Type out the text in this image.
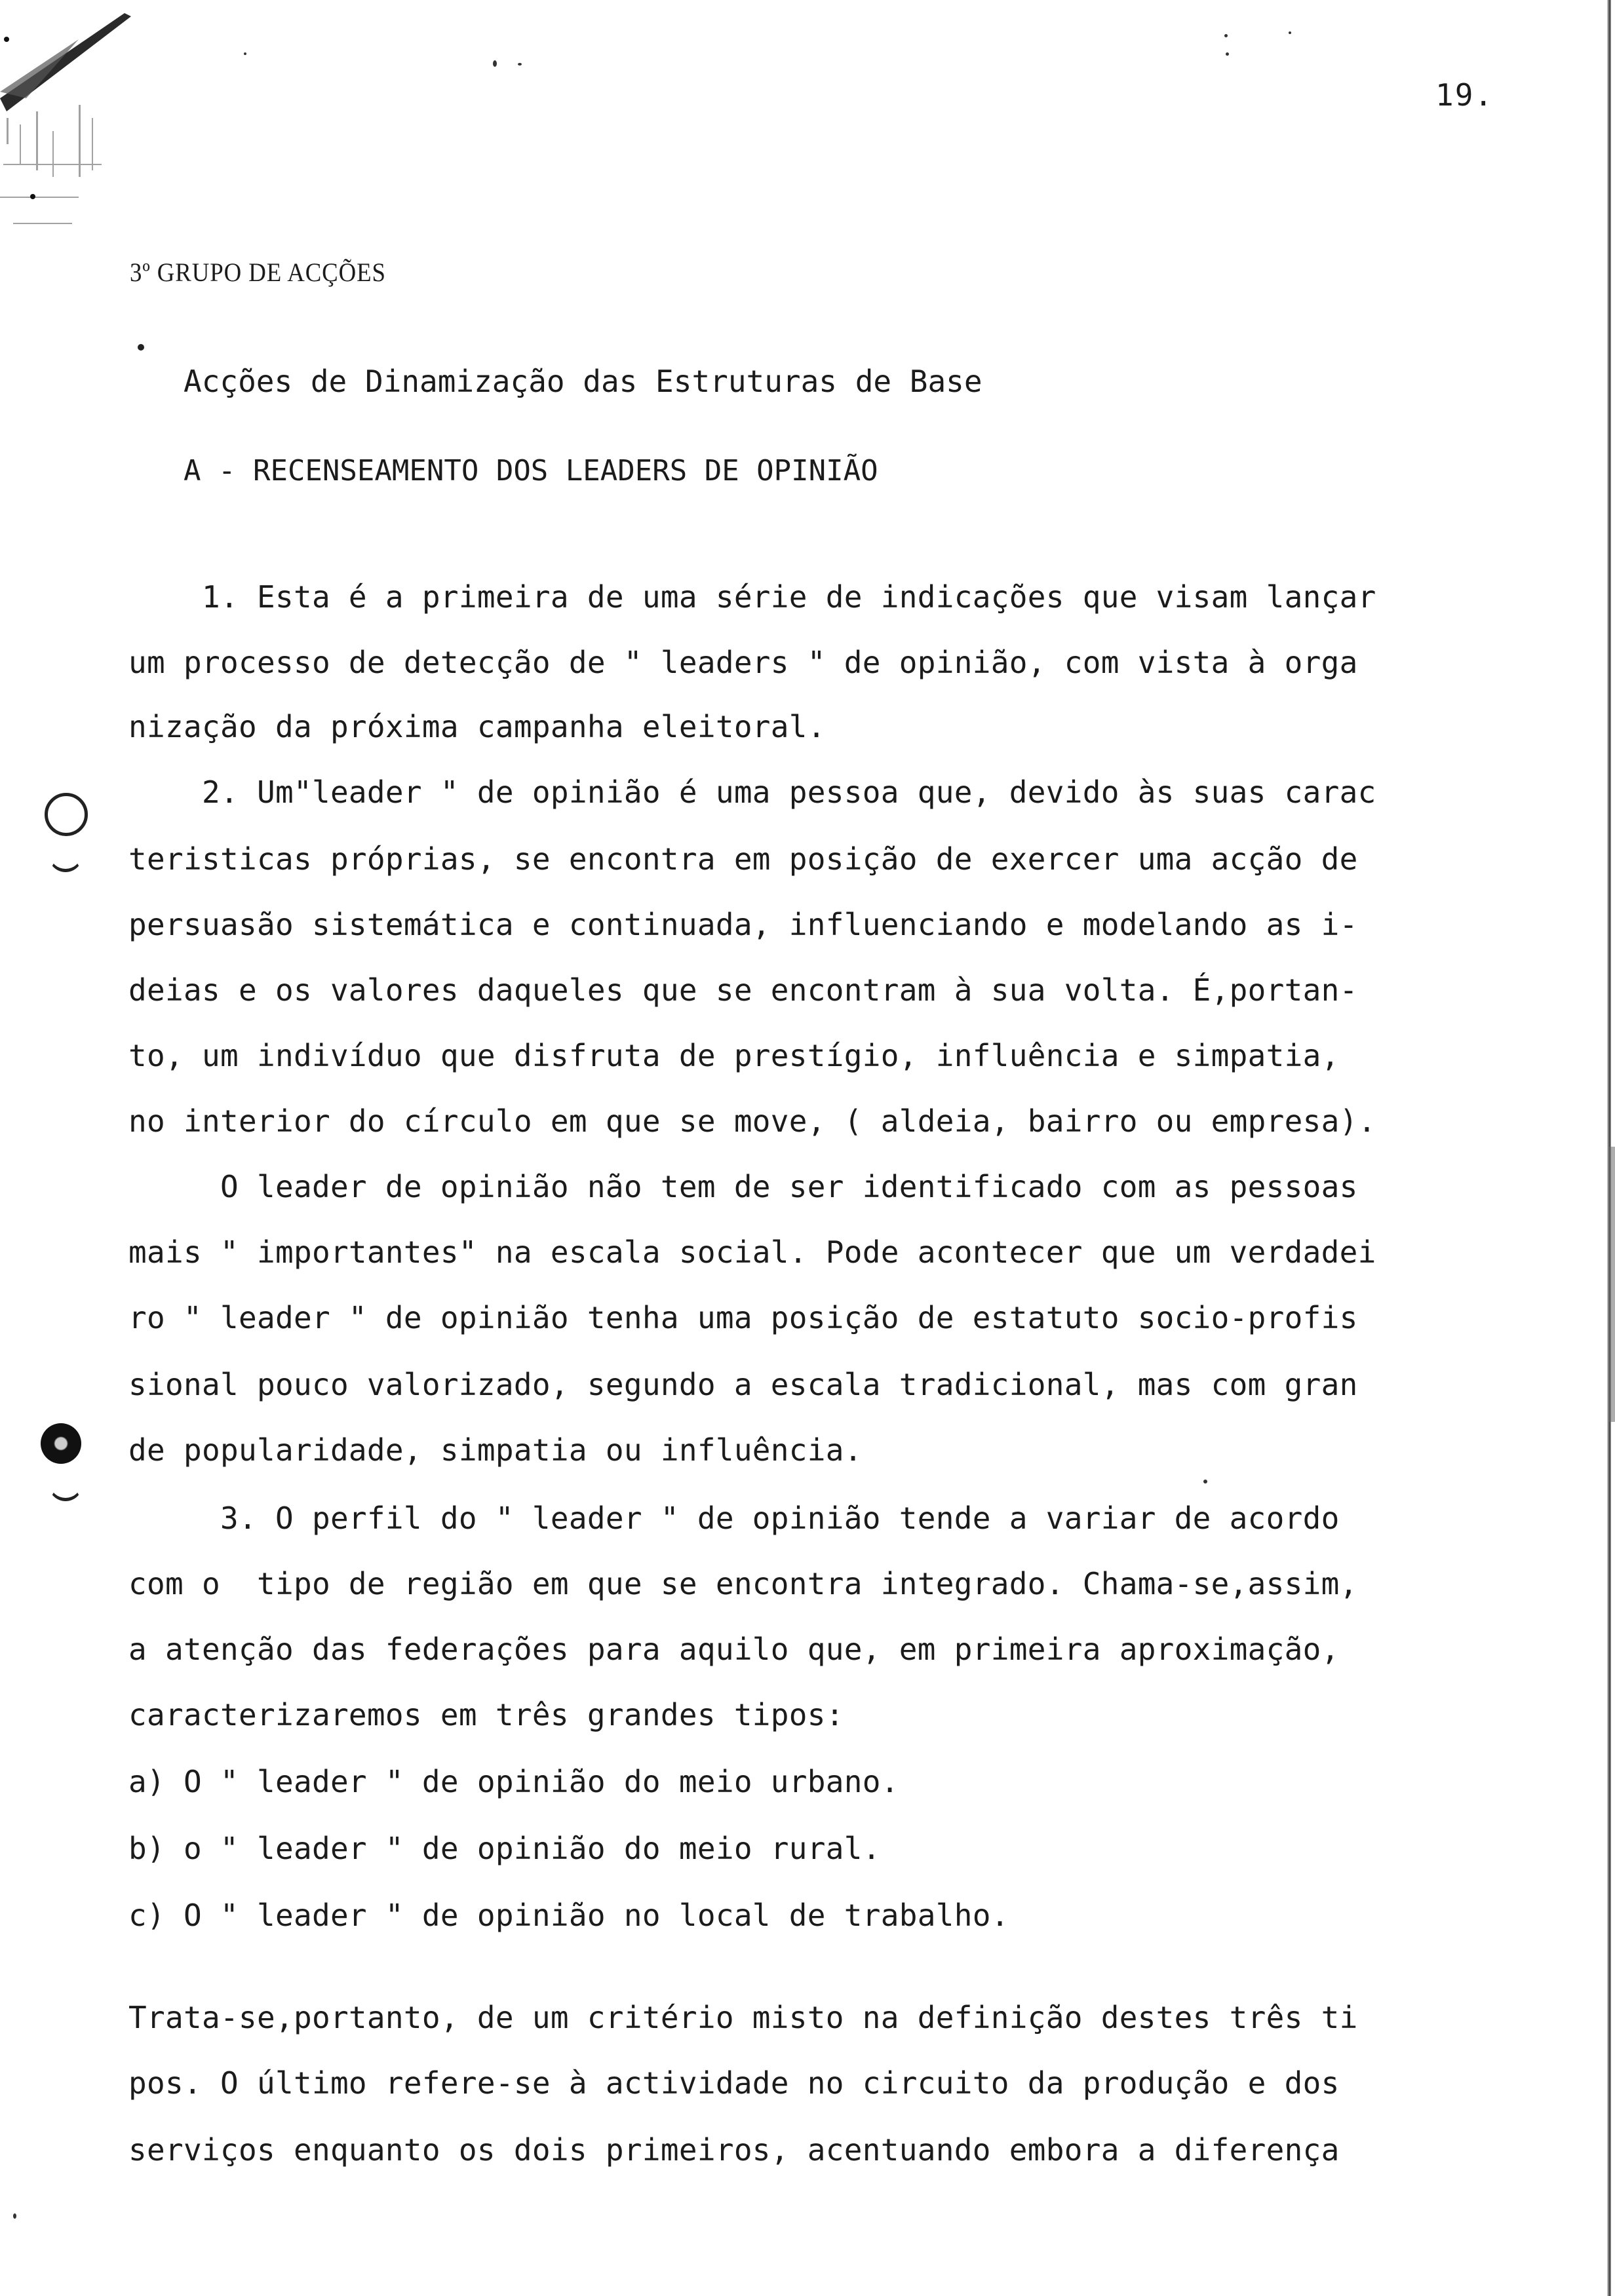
19.
3º GRUPO DE ACÇÕES
Acções de Dinamização das Estruturas de Base
A - RECENSEAMENTO DOS LEADERS DE OPINIÃO
1. Esta é a primeira de uma série de indicações que visam lançar
um processo de detecção de " leaders " de opinião, com vista à orga
nização da próxima campanha eleitoral.
2. Um"leader " de opinião é uma pessoa que, devido às suas carac
teristicas próprias, se encontra em posição de exercer uma acção de
persuasão sistemática e continuada, influenciando e modelando as i-
deias e os valores daqueles que se encontram à sua volta. É,portan-
to, um indivíduo que disfruta de prestígio, influência e simpatia,
no interior do círculo em que se move, ( aldeia, bairro ou empresa).
O leader de opinião não tem de ser identificado com as pessoas
mais " importantes" na escala social. Pode acontecer que um verdadei
ro " leader " de opinião tenha uma posição de estatuto socio-profis
sional pouco valorizado, segundo a escala tradicional, mas com gran
de popularidade, simpatia ou influência.
3. O perfil do " leader " de opinião tende a variar de acordo
com o  tipo de região em que se encontra integrado. Chama-se,assim,
a atenção das federações para aquilo que, em primeira aproximação,
caracterizaremos em três grandes tipos:
a) O " leader " de opinião do meio urbano.
b) o " leader " de opinião do meio rural.
c) O " leader " de opinião no local de trabalho.
Trata-se,portanto, de um critério misto na definição destes três ti
pos. O último refere-se à actividade no circuito da produção e dos
serviços enquanto os dois primeiros, acentuando embora a diferença
